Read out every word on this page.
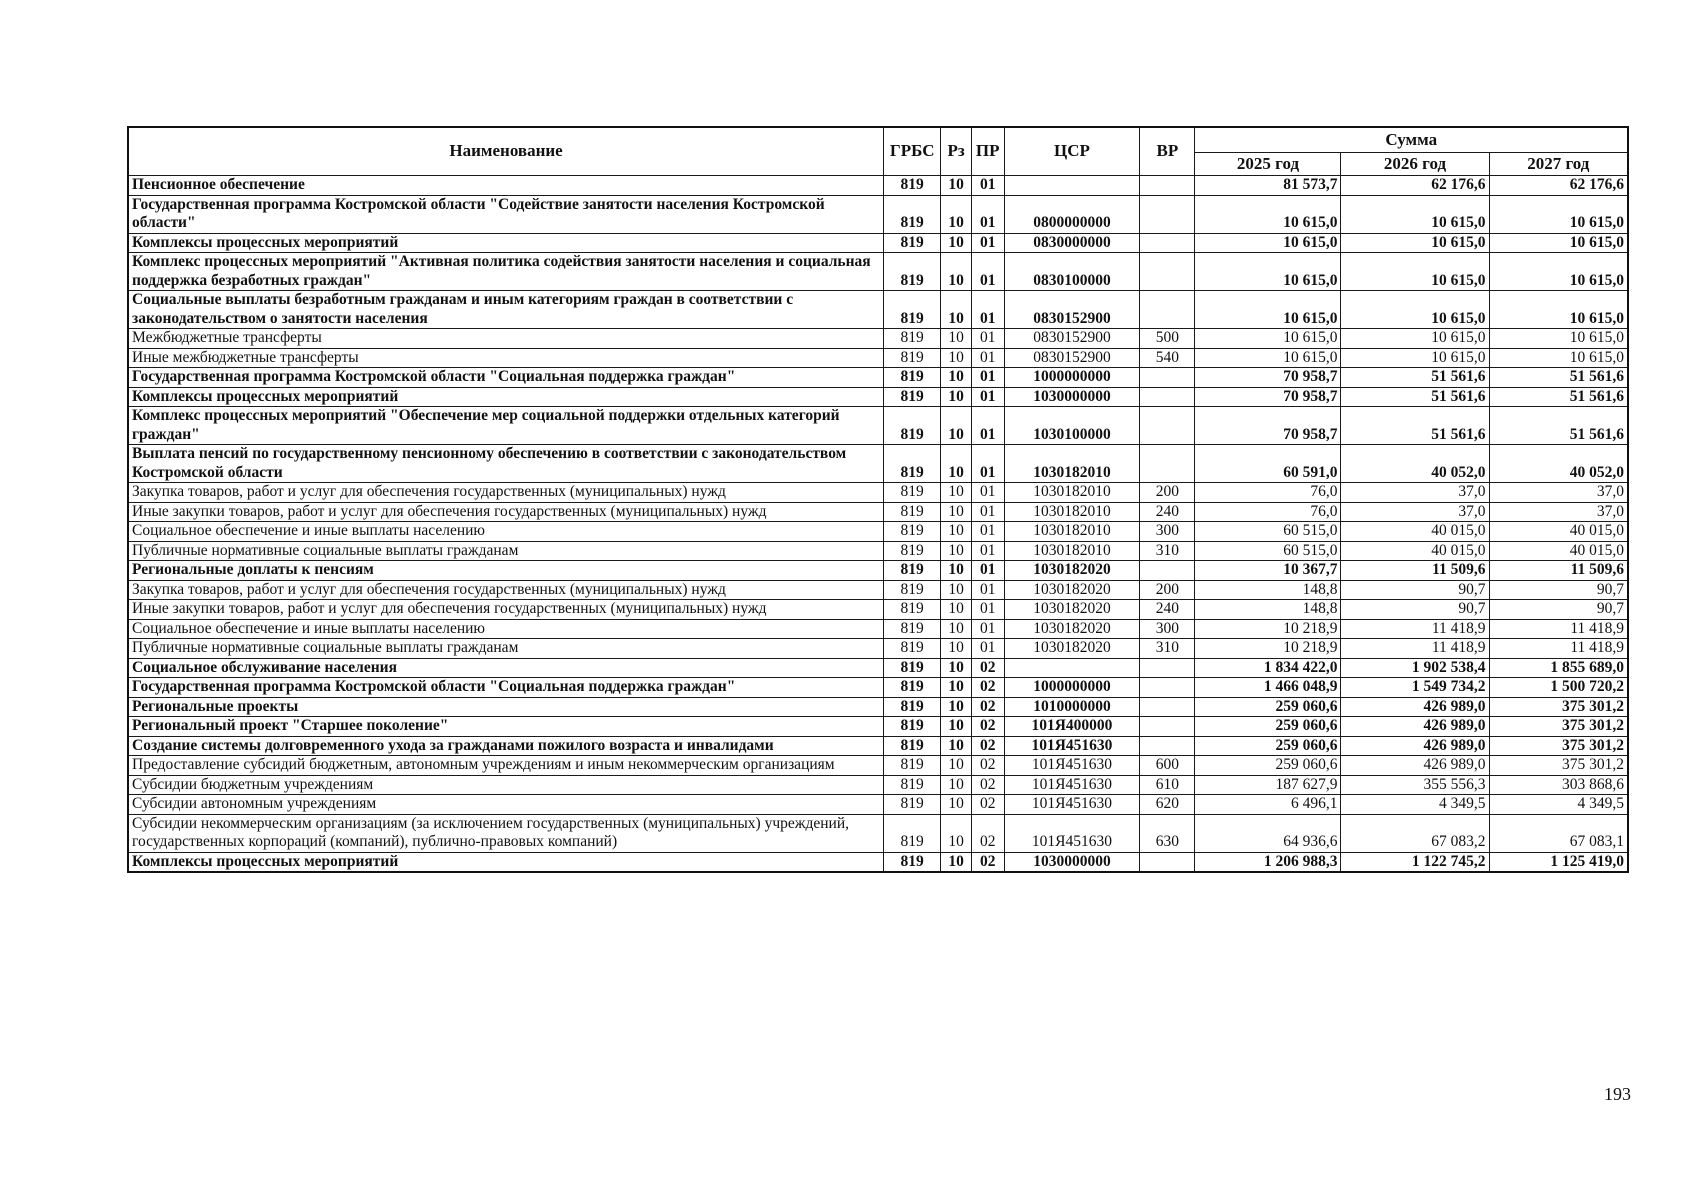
Наименование	ГРБС	Рз	ПР	ЦСР	ВР	Сумма		
						2025 год	2026 год	2027 год
Пенсионное обеспечение	819	10	01			81 573,7	62 176,6	62 176,6
Государственная программа Костромской области "Содействие занятости населения Костромской области"	819	10	01	0800000000		10 615,0	10 615,0	10 615,0
Комплексы процессных мероприятий	819	10	01	0830000000		10 615,0	10 615,0	10 615,0
Комплекс процессных мероприятий "Активная политика содействия занятости населения и социальная поддержка безработных граждан"	819	10	01	0830100000		10 615,0	10 615,0	10 615,0
Социальные выплаты безработным гражданам и иным категориям граждан в соответствии с законодательством о занятости населения	819	10	01	0830152900		10 615,0	10 615,0	10 615,0
Межбюджетные трансферты	819	10	01	0830152900	500	10 615,0	10 615,0	10 615,0
Иные межбюджетные трансферты	819	10	01	0830152900	540	10 615,0	10 615,0	10 615,0
Государственная программа Костромской области "Социальная поддержка граждан"	819	10	01	1000000000		70 958,7	51 561,6	51 561,6
Комплексы процессных мероприятий	819	10	01	1030000000		70 958,7	51 561,6	51 561,6
Комплекс процессных мероприятий "Обеспечение мер социальной поддержки отдельных категорий граждан"	819	10	01	1030100000		70 958,7	51 561,6	51 561,6
Выплата пенсий по государственному пенсионному обеспечению в соответствии с законодательством Костромской области	819	10	01	1030182010		60 591,0	40 052,0	40 052,0
Закупка товаров, работ и услуг для обеспечения государственных (муниципальных) нужд	819	10	01	1030182010	200	76,0	37,0	37,0
Иные закупки товаров, работ и услуг для обеспечения государственных (муниципальных) нужд	819	10	01	1030182010	240	76,0	37,0	37,0
Социальное обеспечение и иные выплаты населению	819	10	01	1030182010	300	60 515,0	40 015,0	40 015,0
Публичные нормативные социальные выплаты гражданам	819	10	01	1030182010	310	60 515,0	40 015,0	40 015,0
Региональные доплаты к пенсиям	819	10	01	1030182020		10 367,7	11 509,6	11 509,6
Закупка товаров, работ и услуг для обеспечения государственных (муниципальных) нужд	819	10	01	1030182020	200	148,8	90,7	90,7
Иные закупки товаров, работ и услуг для обеспечения государственных (муниципальных) нужд	819	10	01	1030182020	240	148,8	90,7	90,7
Социальное обеспечение и иные выплаты населению	819	10	01	1030182020	300	10 218,9	11 418,9	11 418,9
Публичные нормативные социальные выплаты гражданам	819	10	01	1030182020	310	10 218,9	11 418,9	11 418,9
Социальное обслуживание населения	819	10	02			1 834 422,0	1 902 538,4	1 855 689,0
Государственная программа Костромской области "Социальная поддержка граждан"	819	10	02	1000000000		1 466 048,9	1 549 734,2	1 500 720,2
Региональные проекты	819	10	02	1010000000		259 060,6	426 989,0	375 301,2
Региональный проект "Старшее поколение"	819	10	02	101Я400000		259 060,6	426 989,0	375 301,2
Создание системы долговременного ухода за гражданами пожилого возраста и инвалидами	819	10	02	101Я451630		259 060,6	426 989,0	375 301,2
Предоставление субсидий бюджетным, автономным учреждениям и иным некоммерческим организациям	819	10	02	101Я451630	600	259 060,6	426 989,0	375 301,2
Субсидии бюджетным учреждениям	819	10	02	101Я451630	610	187 627,9	355 556,3	303 868,6
Субсидии автономным учреждениям	819	10	02	101Я451630	620	6 496,1	4 349,5	4 349,5
Субсидии некоммерческим организациям (за исключением государственных (муниципальных) учреждений, государственных корпораций (компаний), публично-правовых компаний)	819	10	02	101Я451630	630	64 936,6	67 083,2	67 083,1
Комплексы процессных мероприятий	819	10	02	1030000000		1 206 988,3	1 122 745,2	1 125 419,0
193
